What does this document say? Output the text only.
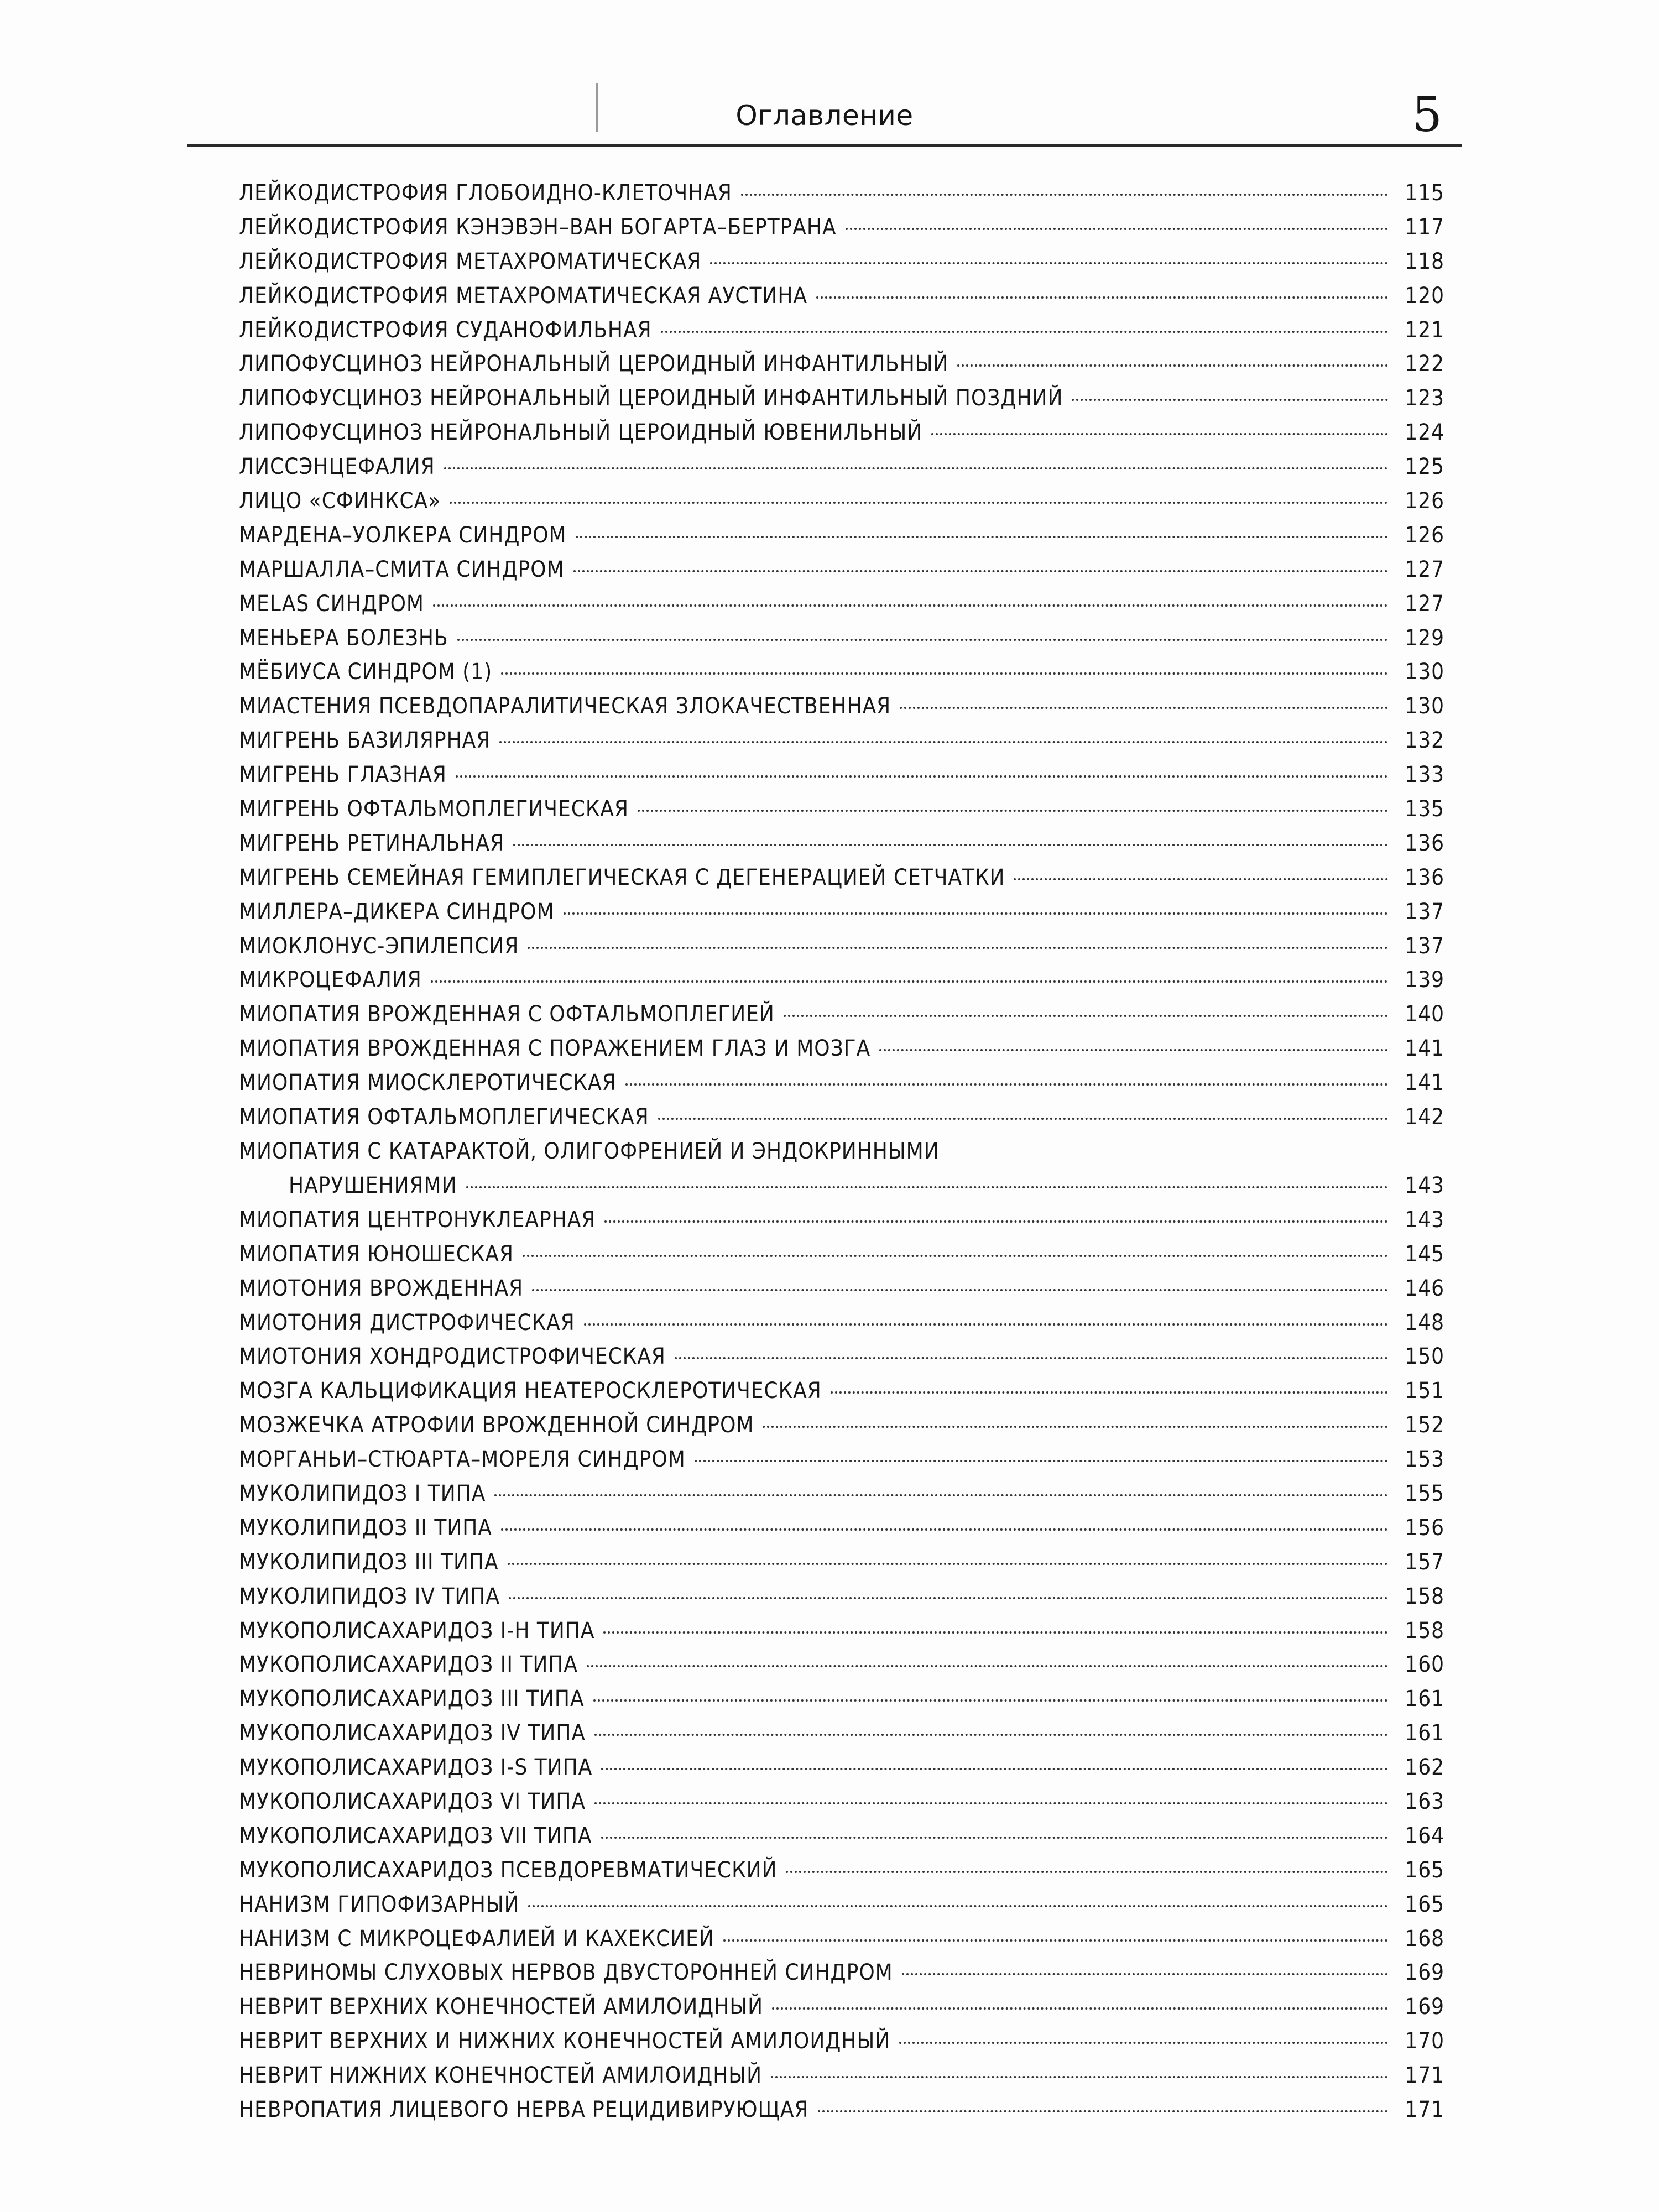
Оглавление	5
ЛЕЙКОДИСТРОФИЯ ГЛОБОИДНО-КЛЕТОЧНАЯ	115
ЛЕЙКОДИСТРОФИЯ КЭНЭВЭН–ВАН БОГАРТА–БЕРТРАНА	117
ЛЕЙКОДИСТРОФИЯ МЕТАХРОМАТИЧЕСКАЯ	118
ЛЕЙКОДИСТРОФИЯ МЕТАХРОМАТИЧЕСКАЯ АУСТИНА	120
ЛЕЙКОДИСТРОФИЯ СУДАНОФИЛЬНАЯ	121
ЛИПОФУСЦИНОЗ НЕЙРОНАЛЬНЫЙ ЦЕРОИДНЫЙ ИНФАНТИЛЬНЫЙ	122
ЛИПОФУСЦИНОЗ НЕЙРОНАЛЬНЫЙ ЦЕРОИДНЫЙ ИНФАНТИЛЬНЫЙ ПОЗДНИЙ	123
ЛИПОФУСЦИНОЗ НЕЙРОНАЛЬНЫЙ ЦЕРОИДНЫЙ ЮВЕНИЛЬНЫЙ	124
ЛИССЭНЦЕФАЛИЯ	125
ЛИЦО «СФИНКСА»	126
МАРДЕНА–УОЛКЕРА СИНДРОМ	126
МАРШАЛЛА–СМИТА СИНДРОМ	127
MELAS СИНДРОМ	127
МЕНЬЕРА БОЛЕЗНЬ	129
МЁБИУСА СИНДРОМ (1)	130
МИАСТЕНИЯ ПСЕВДОПАРАЛИТИЧЕСКАЯ ЗЛОКАЧЕСТВЕННАЯ	130
МИГРЕНЬ БАЗИЛЯРНАЯ	132
МИГРЕНЬ ГЛАЗНАЯ	133
МИГРЕНЬ ОФТАЛЬМОПЛЕГИЧЕСКАЯ	135
МИГРЕНЬ РЕТИНАЛЬНАЯ	136
МИГРЕНЬ СЕМЕЙНАЯ ГЕМИПЛЕГИЧЕСКАЯ С ДЕГЕНЕРАЦИЕЙ СЕТЧАТКИ	136
МИЛЛЕРА–ДИКЕРА СИНДРОМ	137
МИОКЛОНУС-ЭПИЛЕПСИЯ	137
МИКРОЦЕФАЛИЯ	139
МИОПАТИЯ ВРОЖДЕННАЯ С ОФТАЛЬМОПЛЕГИЕЙ	140
МИОПАТИЯ ВРОЖДЕННАЯ С ПОРАЖЕНИЕМ ГЛАЗ И МОЗГА	141
МИОПАТИЯ МИОСКЛЕРОТИЧЕСКАЯ	141
МИОПАТИЯ ОФТАЛЬМОПЛЕГИЧЕСКАЯ	142
МИОПАТИЯ С КАТАРАКТОЙ, ОЛИГОФРЕНИЕЙ И ЭНДОКРИННЫМИ
НАРУШЕНИЯМИ	143
МИОПАТИЯ ЦЕНТРОНУКЛЕАРНАЯ	143
МИОПАТИЯ ЮНОШЕСКАЯ	145
МИОТОНИЯ ВРОЖДЕННАЯ	146
МИОТОНИЯ ДИСТРОФИЧЕСКАЯ	148
МИОТОНИЯ ХОНДРОДИСТРОФИЧЕСКАЯ	150
МОЗГА КАЛЬЦИФИКАЦИЯ НЕАТЕРОСКЛЕРОТИЧЕСКАЯ	151
МОЗЖЕЧКА АТРОФИИ ВРОЖДЕННОЙ СИНДРОМ	152
МОРГАНЬИ–СТЮАРТА–МОРЕЛЯ СИНДРОМ	153
МУКОЛИПИДОЗ I ТИПА	155
МУКОЛИПИДОЗ II ТИПА	156
МУКОЛИПИДОЗ III ТИПА	157
МУКОЛИПИДОЗ IV ТИПА	158
МУКОПОЛИСАХАРИДОЗ I-H ТИПА	158
МУКОПОЛИСАХАРИДОЗ II ТИПА	160
МУКОПОЛИСАХАРИДОЗ III ТИПА	161
МУКОПОЛИСАХАРИДОЗ IV ТИПА	161
МУКОПОЛИСАХАРИДОЗ I-S ТИПА	162
МУКОПОЛИСАХАРИДОЗ VI ТИПА	163
МУКОПОЛИСАХАРИДОЗ VII ТИПА	164
МУКОПОЛИСАХАРИДОЗ ПСЕВДОРЕВМАТИЧЕСКИЙ	165
НАНИЗМ ГИПОФИЗАРНЫЙ	165
НАНИЗМ С МИКРОЦЕФАЛИЕЙ И КАХЕКСИЕЙ	168
НЕВРИНОМЫ СЛУХОВЫХ НЕРВОВ ДВУСТОРОННЕЙ СИНДРОМ	169
НЕВРИТ ВЕРХНИХ КОНЕЧНОСТЕЙ АМИЛОИДНЫЙ	169
НЕВРИТ ВЕРХНИХ И НИЖНИХ КОНЕЧНОСТЕЙ АМИЛОИДНЫЙ	170
НЕВРИТ НИЖНИХ КОНЕЧНОСТЕЙ АМИЛОИДНЫЙ	171
НЕВРОПАТИЯ ЛИЦЕВОГО НЕРВА РЕЦИДИВИРУЮЩАЯ	171
